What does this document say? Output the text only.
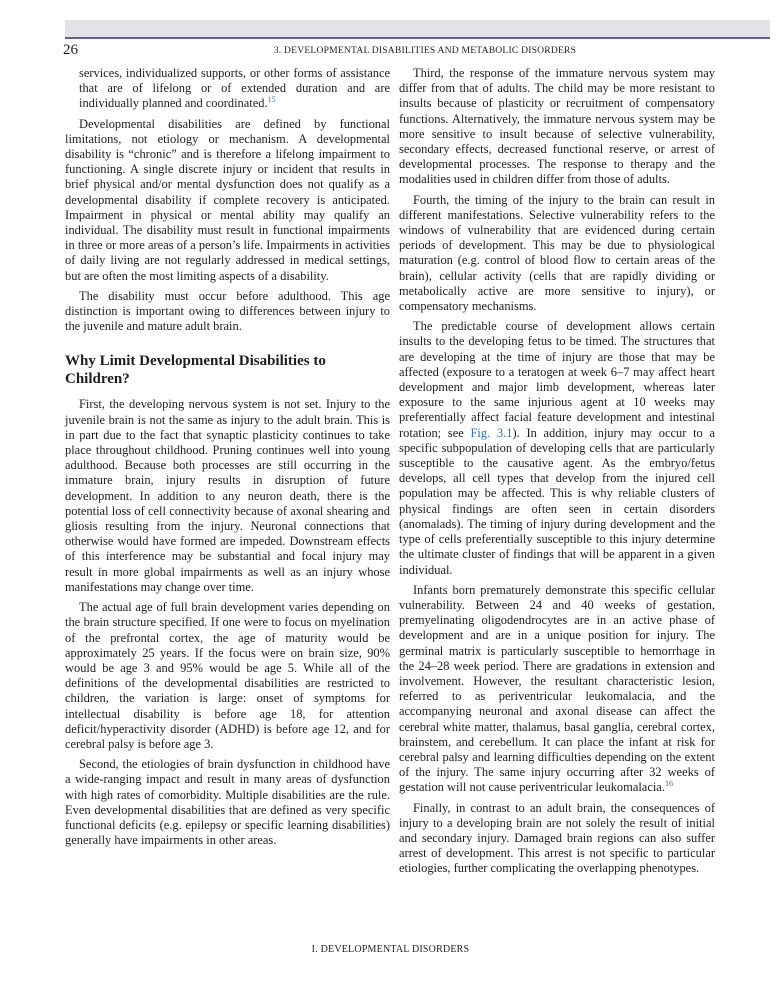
26	3. DEVELOPMENTAL DISABILITIES AND METABOLIC DISORDERS

services, individualized supports, or other forms of assistance that are of lifelong or of extended duration and are individually planned and coordinated.$^{15}$

Developmental disabilities are defined by functional limitations, not etiology or mechanism. A developmental disability is “chronic” and is therefore a lifelong impairment to functioning. A single discrete injury or incident that results in brief physical and/or mental dysfunction does not qualify as a developmental disability if complete recovery is anticipated. Impairment in physical or mental ability may qualify an individual. The disability must result in functional impairments in three or more areas of a person’s life. Impairments in activities of daily living are not regularly addressed in medical settings, but are often the most limiting aspects of a disability.

The disability must occur before adulthood. This age distinction is important owing to differences between injury to the juvenile and mature adult brain.

Why Limit Developmental Disabilities to Children?

First, the developing nervous system is not set. Injury to the juvenile brain is not the same as injury to the adult brain. This is in part due to the fact that synaptic plasticity continues to take place throughout childhood. Pruning continues well into young adulthood. Because both processes are still occurring in the immature brain, injury results in disruption of future development. In addition to any neuron death, there is the potential loss of cell connectivity because of axonal shearing and gliosis resulting from the injury. Neuronal connections that otherwise would have formed are impeded. Downstream effects of this interference may be substantial and focal injury may result in more global impairments as well as an injury whose manifestations may change over time.

The actual age of full brain development varies depending on the brain structure specified. If one were to focus on myelination of the prefrontal cortex, the age of maturity would be approximately 25 years. If the focus were on brain size, 90% would be age 3 and 95% would be age 5. While all of the definitions of the developmental disabilities are restricted to children, the variation is large: onset of symptoms for intellectual disability is before age 18, for attention deficit/hyperactivity disorder (ADHD) is before age 12, and for cerebral palsy is before age 3.

Second, the etiologies of brain dysfunction in childhood have a wide-ranging impact and result in many areas of dysfunction with high rates of comorbidity. Multiple disabilities are the rule. Even developmental disabilities that are defined as very specific functional deficits (e.g. epilepsy or specific learning disabilities) generally have impairments in other areas.

Third, the response of the immature nervous system may differ from that of adults. The child may be more resistant to insults because of plasticity or recruitment of compensatory functions. Alternatively, the immature nervous system may be more sensitive to insult because of selective vulnerability, secondary effects, decreased functional reserve, or arrest of developmental processes. The response to therapy and the modalities used in children differ from those of adults.

Fourth, the timing of the injury to the brain can result in different manifestations. Selective vulnerability refers to the windows of vulnerability that are evidenced during certain periods of development. This may be due to physiological maturation (e.g. control of blood flow to certain areas of the brain), cellular activity (cells that are rapidly dividing or metabolically active are more sensitive to injury), or compensatory mechanisms.

The predictable course of development allows certain insults to the developing fetus to be timed. The structures that are developing at the time of injury are those that may be affected (exposure to a teratogen at week 6–7 may affect heart development and major limb development, whereas later exposure to the same injurious agent at 10 weeks may preferentially affect facial feature development and intestinal rotation; see Fig. 3.1). In addition, injury may occur to a specific subpopulation of developing cells that are particularly susceptible to the causative agent. As the embryo/fetus develops, all cell types that develop from the injured cell population may be affected. This is why reliable clusters of physical findings are often seen in certain disorders (anomalads). The timing of injury during development and the type of cells preferentially susceptible to this injury determine the ultimate cluster of findings that will be apparent in a given individual.

Infants born prematurely demonstrate this specific cellular vulnerability. Between 24 and 40 weeks of gestation, premyelinating oligodendrocytes are in an active phase of development and are in a unique position for injury. The germinal matrix is particularly susceptible to hemorrhage in the 24–28 week period. There are gradations in extension and involvement. However, the resultant characteristic lesion, referred to as periventricular leukomalacia, and the accompanying neuronal and axonal disease can affect the cerebral white matter, thalamus, basal ganglia, cerebral cortex, brainstem, and cerebellum. It can place the infant at risk for cerebral palsy and learning difficulties depending on the extent of the injury. The same injury occurring after 32 weeks of gestation will not cause periventricular leukomalacia.$^{16}$

Finally, in contrast to an adult brain, the consequences of injury to a developing brain are not solely the result of initial and secondary injury. Damaged brain regions can also suffer arrest of development. This arrest is not specific to particular etiologies, further complicating the overlapping phenotypes.

I. DEVELOPMENTAL DISORDERS
